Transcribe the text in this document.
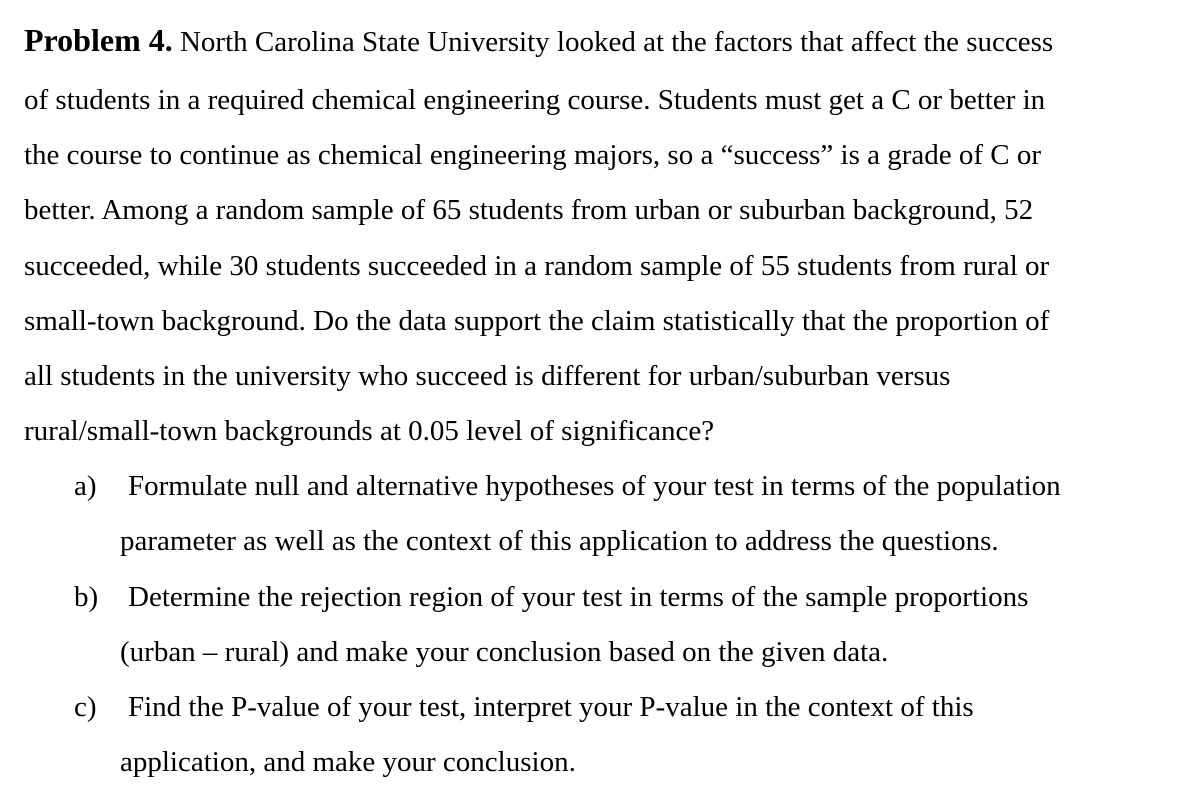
Problem 4. North Carolina State University looked at the factors that affect the success
of students in a required chemical engineering course. Students must get a C or better in
the course to continue as chemical engineering majors, so a “success” is a grade of C or
better. Among a random sample of 65 students from urban or suburban background, 52
succeeded, while 30 students succeeded in a random sample of 55 students from rural or
small-town background. Do the data support the claim statistically that the proportion of
all students in the university who succeed is different for urban/suburban versus
rural/small-town backgrounds at 0.05 level of significance?
a) Formulate null and alternative hypotheses of your test in terms of the population
parameter as well as the context of this application to address the questions.
b) Determine the rejection region of your test in terms of the sample proportions
(urban – rural) and make your conclusion based on the given data.
c) Find the P-value of your test, interpret your P-value in the context of this
application, and make your conclusion.
